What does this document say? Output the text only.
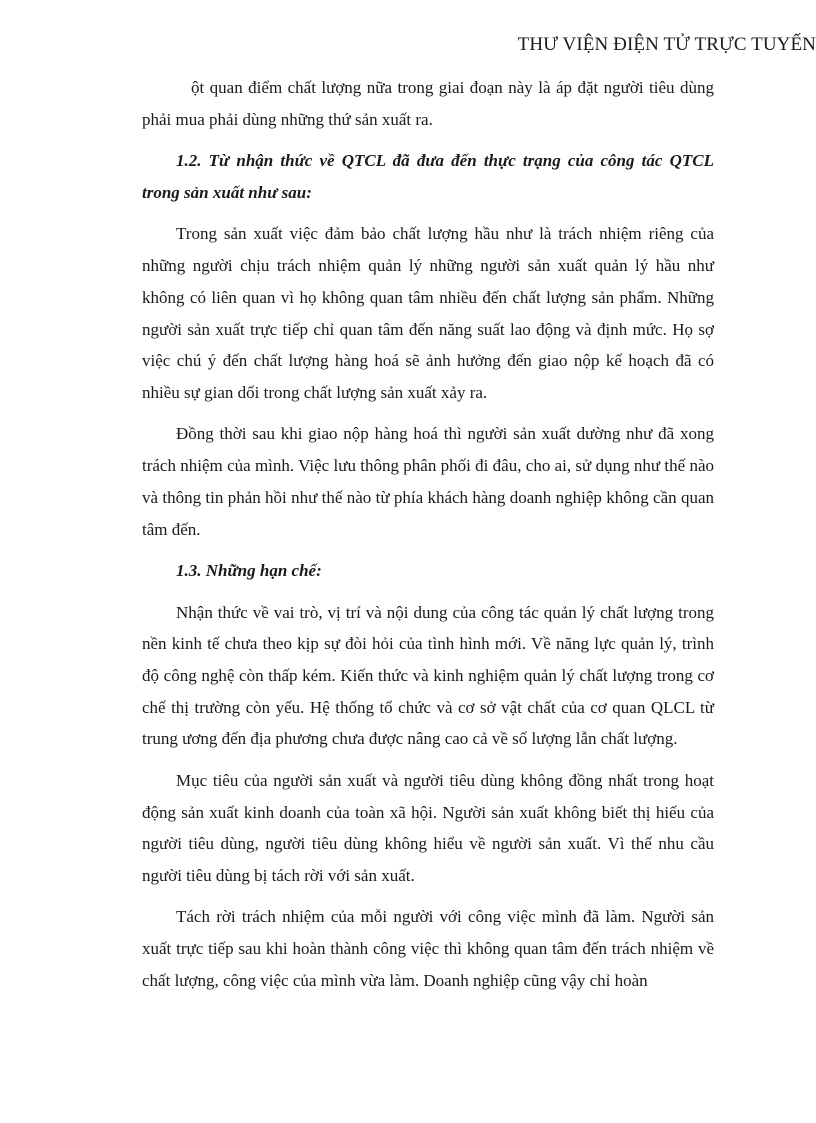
THƯ VIỆN ĐIỆN TỬ TRỰC TUYẾN

ột quan điểm chất lượng nữa trong giai đoạn này là áp đặt người tiêu dùng phải mua phải dùng những thứ sản xuất ra.

1.2. Từ nhận thức về QTCL đã đưa đến thực trạng của công tác QTCL trong sản xuất như sau:

Trong sản xuất việc đảm bảo chất lượng hầu như là trách nhiệm riêng của những người chịu trách nhiệm quản lý những người sản xuất quản lý hầu như không có liên quan vì họ không quan tâm nhiều đến chất lượng sản phẩm. Những người sản xuất trực tiếp chỉ quan tâm đến năng suất lao động và định mức. Họ sợ việc chú ý đến chất lượng hàng hoá sẽ ảnh hưởng đến giao nộp kế hoạch đã có nhiều sự gian dối trong chất lượng sản xuất xảy ra.

Đồng thời sau khi giao nộp hàng hoá thì người sản xuất dường như đã xong trách nhiệm của mình. Việc lưu thông phân phối đi đâu, cho ai, sử dụng như thế nào và thông tin phản hồi như thế nào từ phía khách hàng doanh nghiệp không cần quan tâm đến.

1.3. Những hạn chế:

Nhận thức về vai trò, vị trí và nội dung của công tác quản lý chất lượng trong nền kinh tế chưa theo kịp sự đòi hỏi của tình hình mới. Về năng lực quản lý, trình độ công nghệ còn thấp kém. Kiến thức và kinh nghiệm quản lý chất lượng trong cơ chế thị trường còn yếu. Hệ thống tổ chức và cơ sở vật chất của cơ quan QLCL từ trung ương đến địa phương chưa được nâng cao cả về số lượng lẫn chất lượng.

Mục tiêu của người sản xuất và người tiêu dùng không đồng nhất trong hoạt động sản xuất kinh doanh của toàn xã hội. Người sản xuất không biết thị hiếu của người tiêu dùng, người tiêu dùng không hiểu về người sản xuất. Vì thế nhu cầu người tiêu dùng bị tách rời với sản xuất.

Tách rời trách nhiệm của mỗi người với công việc mình đã làm. Người sản xuất trực tiếp sau khi hoàn thành công việc thì không quan tâm đến trách nhiệm về chất lượng, công việc của mình vừa làm. Doanh nghiệp cũng vậy chỉ hoàn
